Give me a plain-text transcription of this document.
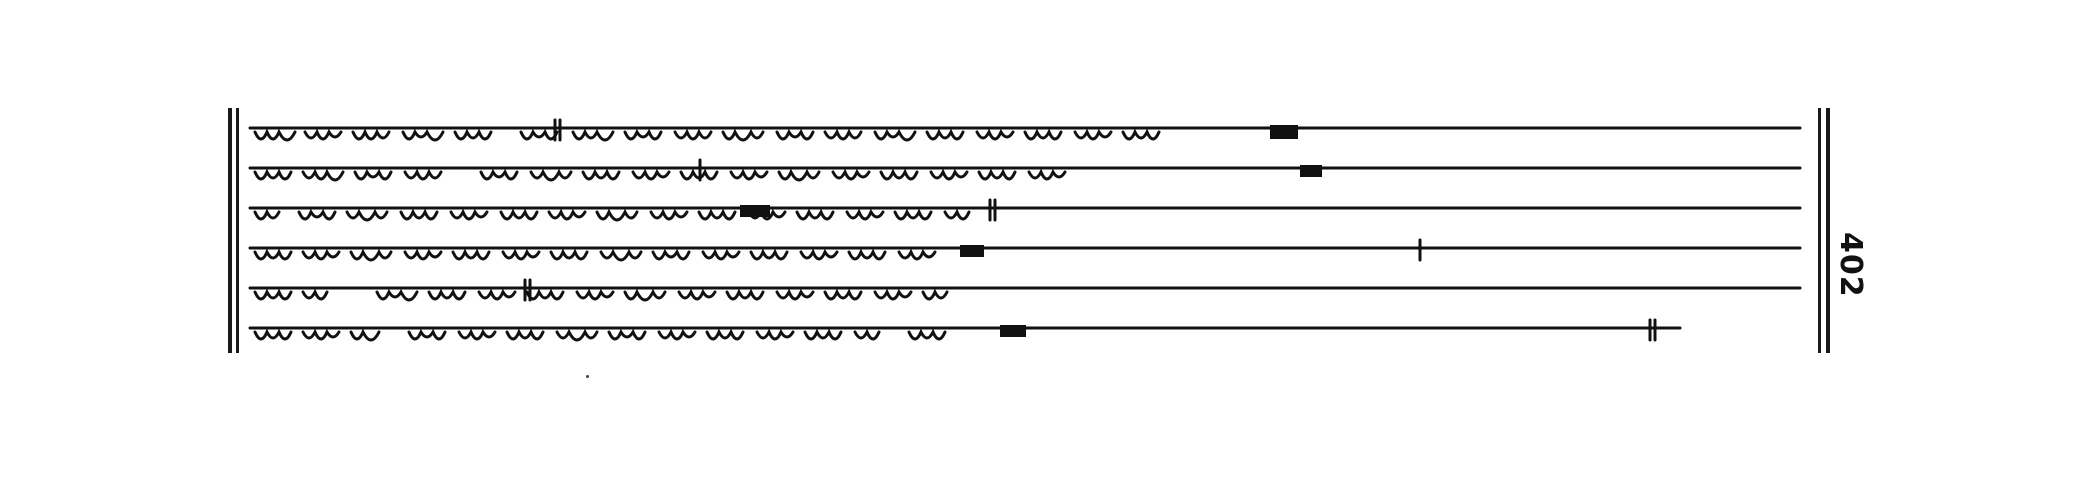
402
